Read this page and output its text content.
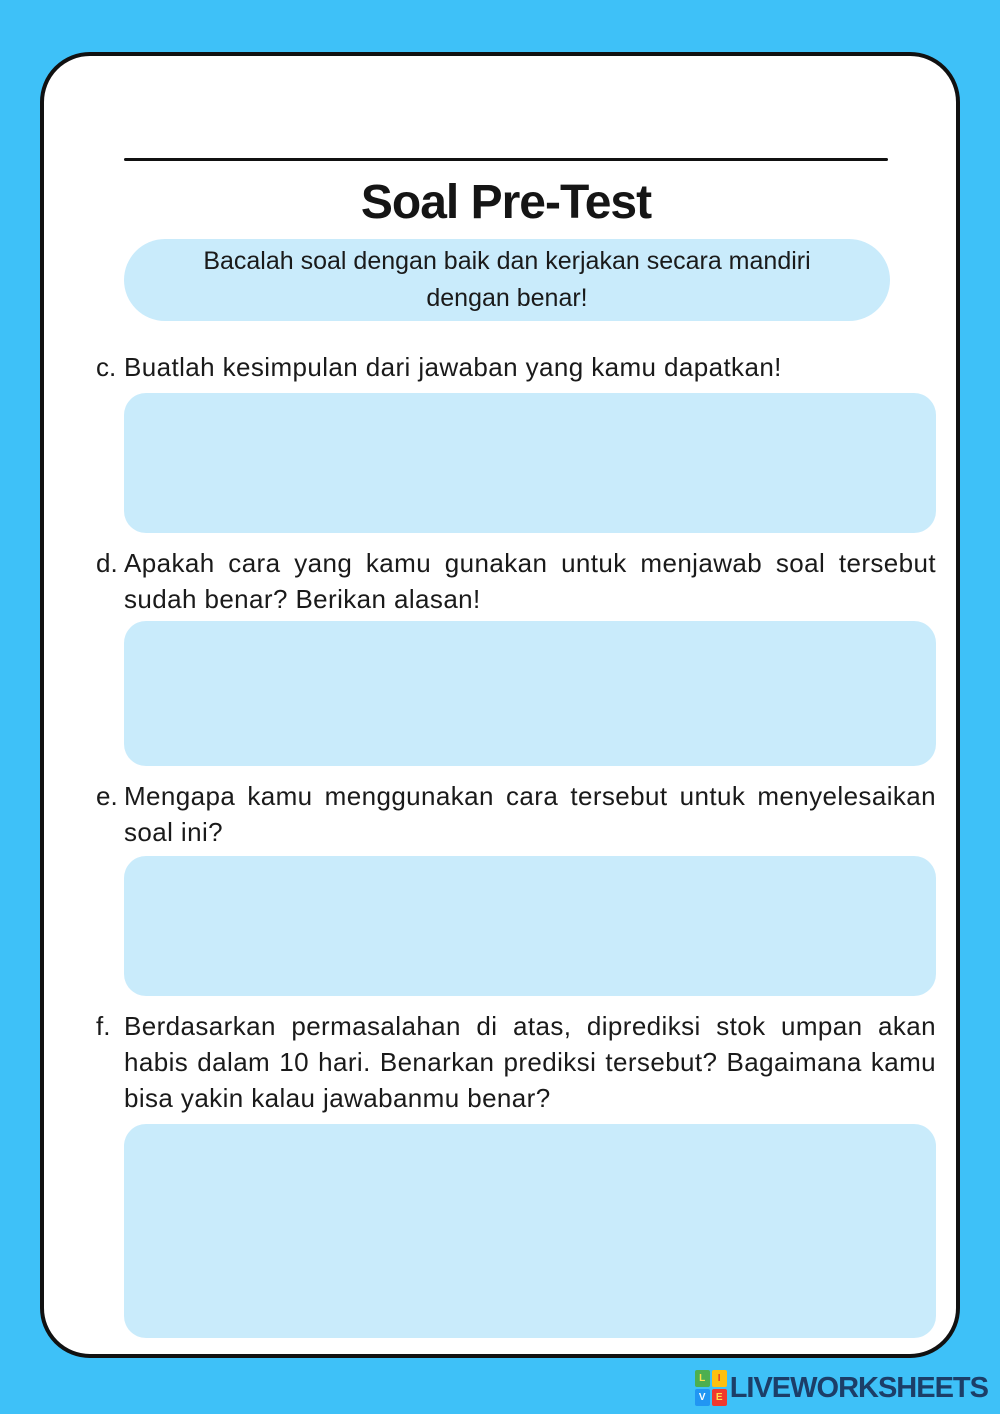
Soal Pre-Test

Bacalah soal dengan baik dan kerjakan secara mandiri dengan benar!

c. Buatlah kesimpulan dari jawaban yang kamu dapatkan!
d. Apakah cara yang kamu gunakan untuk menjawab soal tersebut sudah benar? Berikan alasan!
e. Mengapa kamu menggunakan cara tersebut untuk menyelesaikan soal ini?
f. Berdasarkan permasalahan di atas, diprediksi stok umpan akan habis dalam 10 hari. Benarkan prediksi tersebut? Bagaimana kamu bisa yakin kalau jawabanmu benar?
L	I
V	E LIVEWORKSHEETS
